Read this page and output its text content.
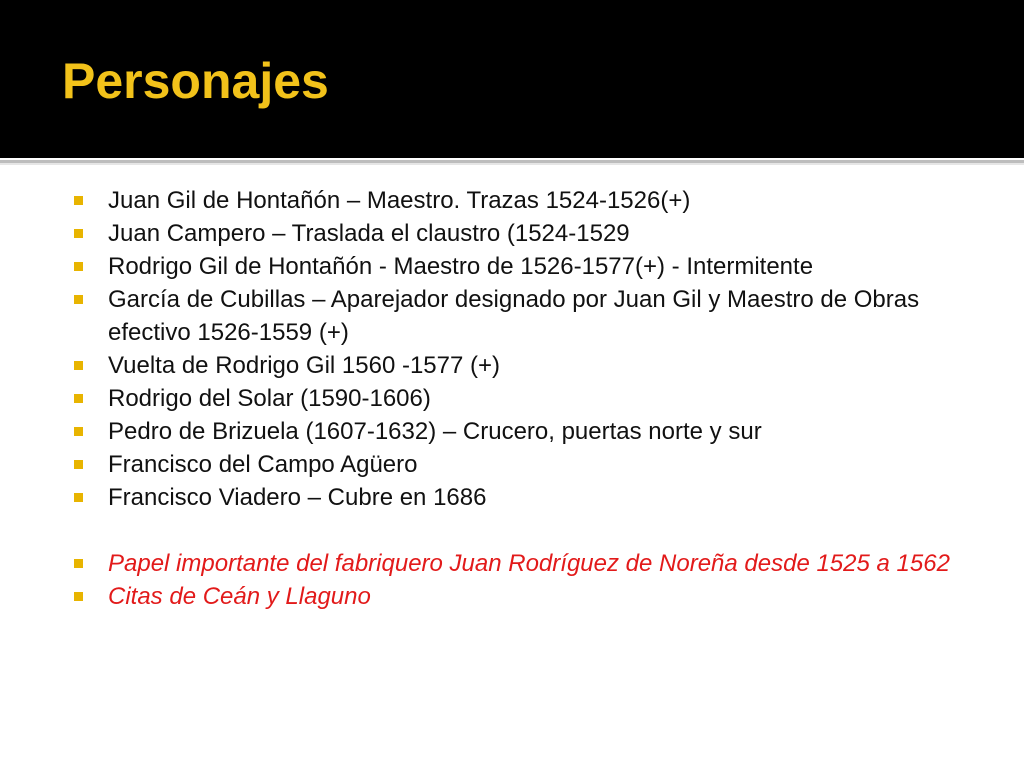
Personajes
Juan Gil de Hontañón – Maestro. Trazas 1524-1526(+)
Juan Campero – Traslada el claustro (1524-1529
Rodrigo Gil de Hontañón - Maestro de 1526-1577(+) - Intermitente
García de Cubillas – Aparejador designado por Juan Gil y Maestro de Obras efectivo 1526-1559 (+)
Vuelta de Rodrigo Gil 1560 -1577 (+)
Rodrigo del Solar (1590-1606)
Pedro de Brizuela (1607-1632) – Crucero, puertas norte y sur
Francisco del Campo Agüero
Francisco Viadero – Cubre en 1686
Papel importante del fabriquero Juan Rodríguez de Noreña desde 1525 a 1562
Citas de Ceán y Llaguno
